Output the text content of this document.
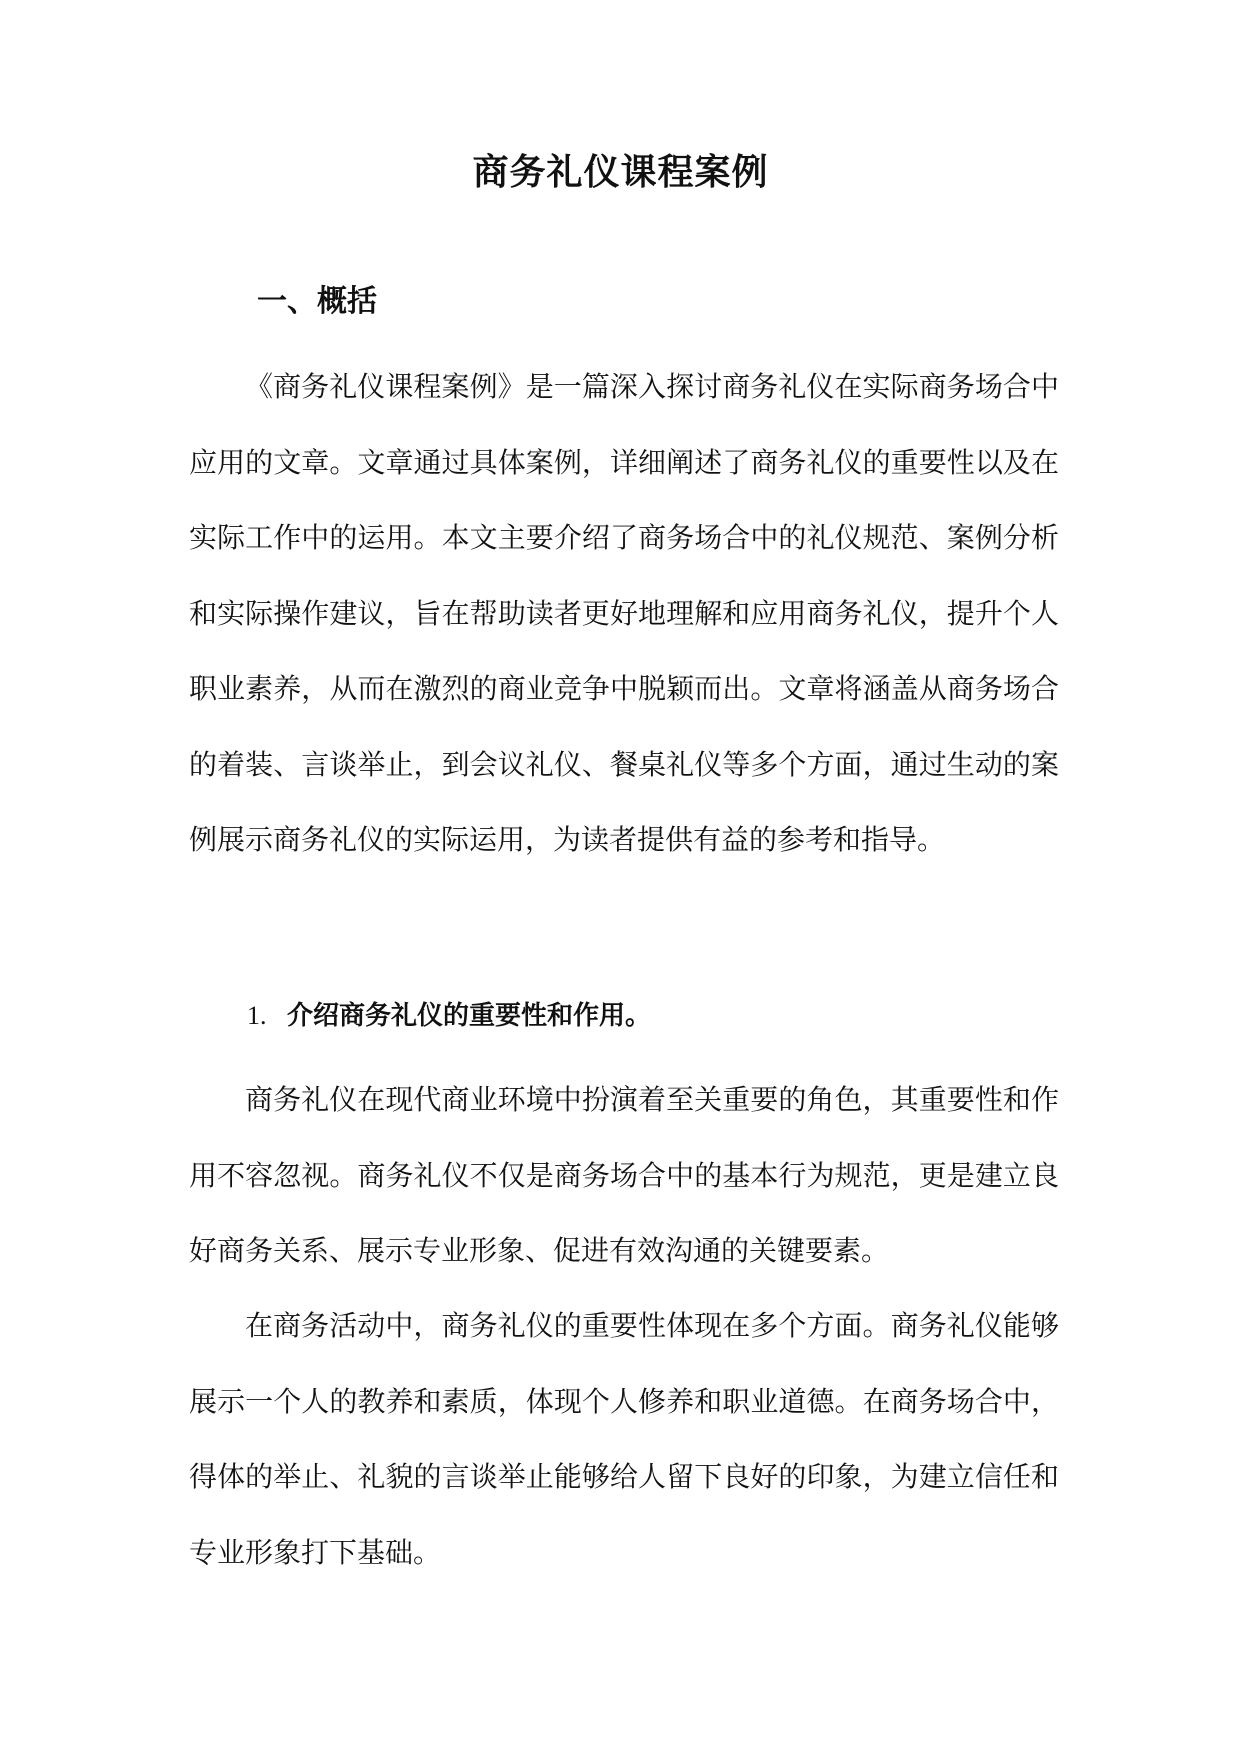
商务礼仪课程案例
一、概括

《商务礼仪课程案例》是一篇深入探讨商务礼仪在实际商务场合中应用的文章。文章通过具体案例，详细阐述了商务礼仪的重要性以及在实际工作中的运用。本文主要介绍了商务场合中的礼仪规范、案例分析和实际操作建议，旨在帮助读者更好地理解和应用商务礼仪，提升个人职业素养，从而在激烈的商业竞争中脱颖而出。文章将涵盖从商务场合的着装、言谈举止，到会议礼仪、餐桌礼仪等多个方面，通过生动的案例展示商务礼仪的实际运用，为读者提供有益的参考和指导。

1. 介绍商务礼仪的重要性和作用。

商务礼仪在现代商业环境中扮演着至关重要的角色，其重要性和作用不容忽视。商务礼仪不仅是商务场合中的基本行为规范，更是建立良好商务关系、展示专业形象、促进有效沟通的关键要素。

在商务活动中，商务礼仪的重要性体现在多个方面。商务礼仪能够展示一个人的教养和素质，体现个人修养和职业道德。在商务场合中，得体的举止、礼貌的言谈举止能够给人留下良好的印象，为建立信任和专业形象打下基础。
